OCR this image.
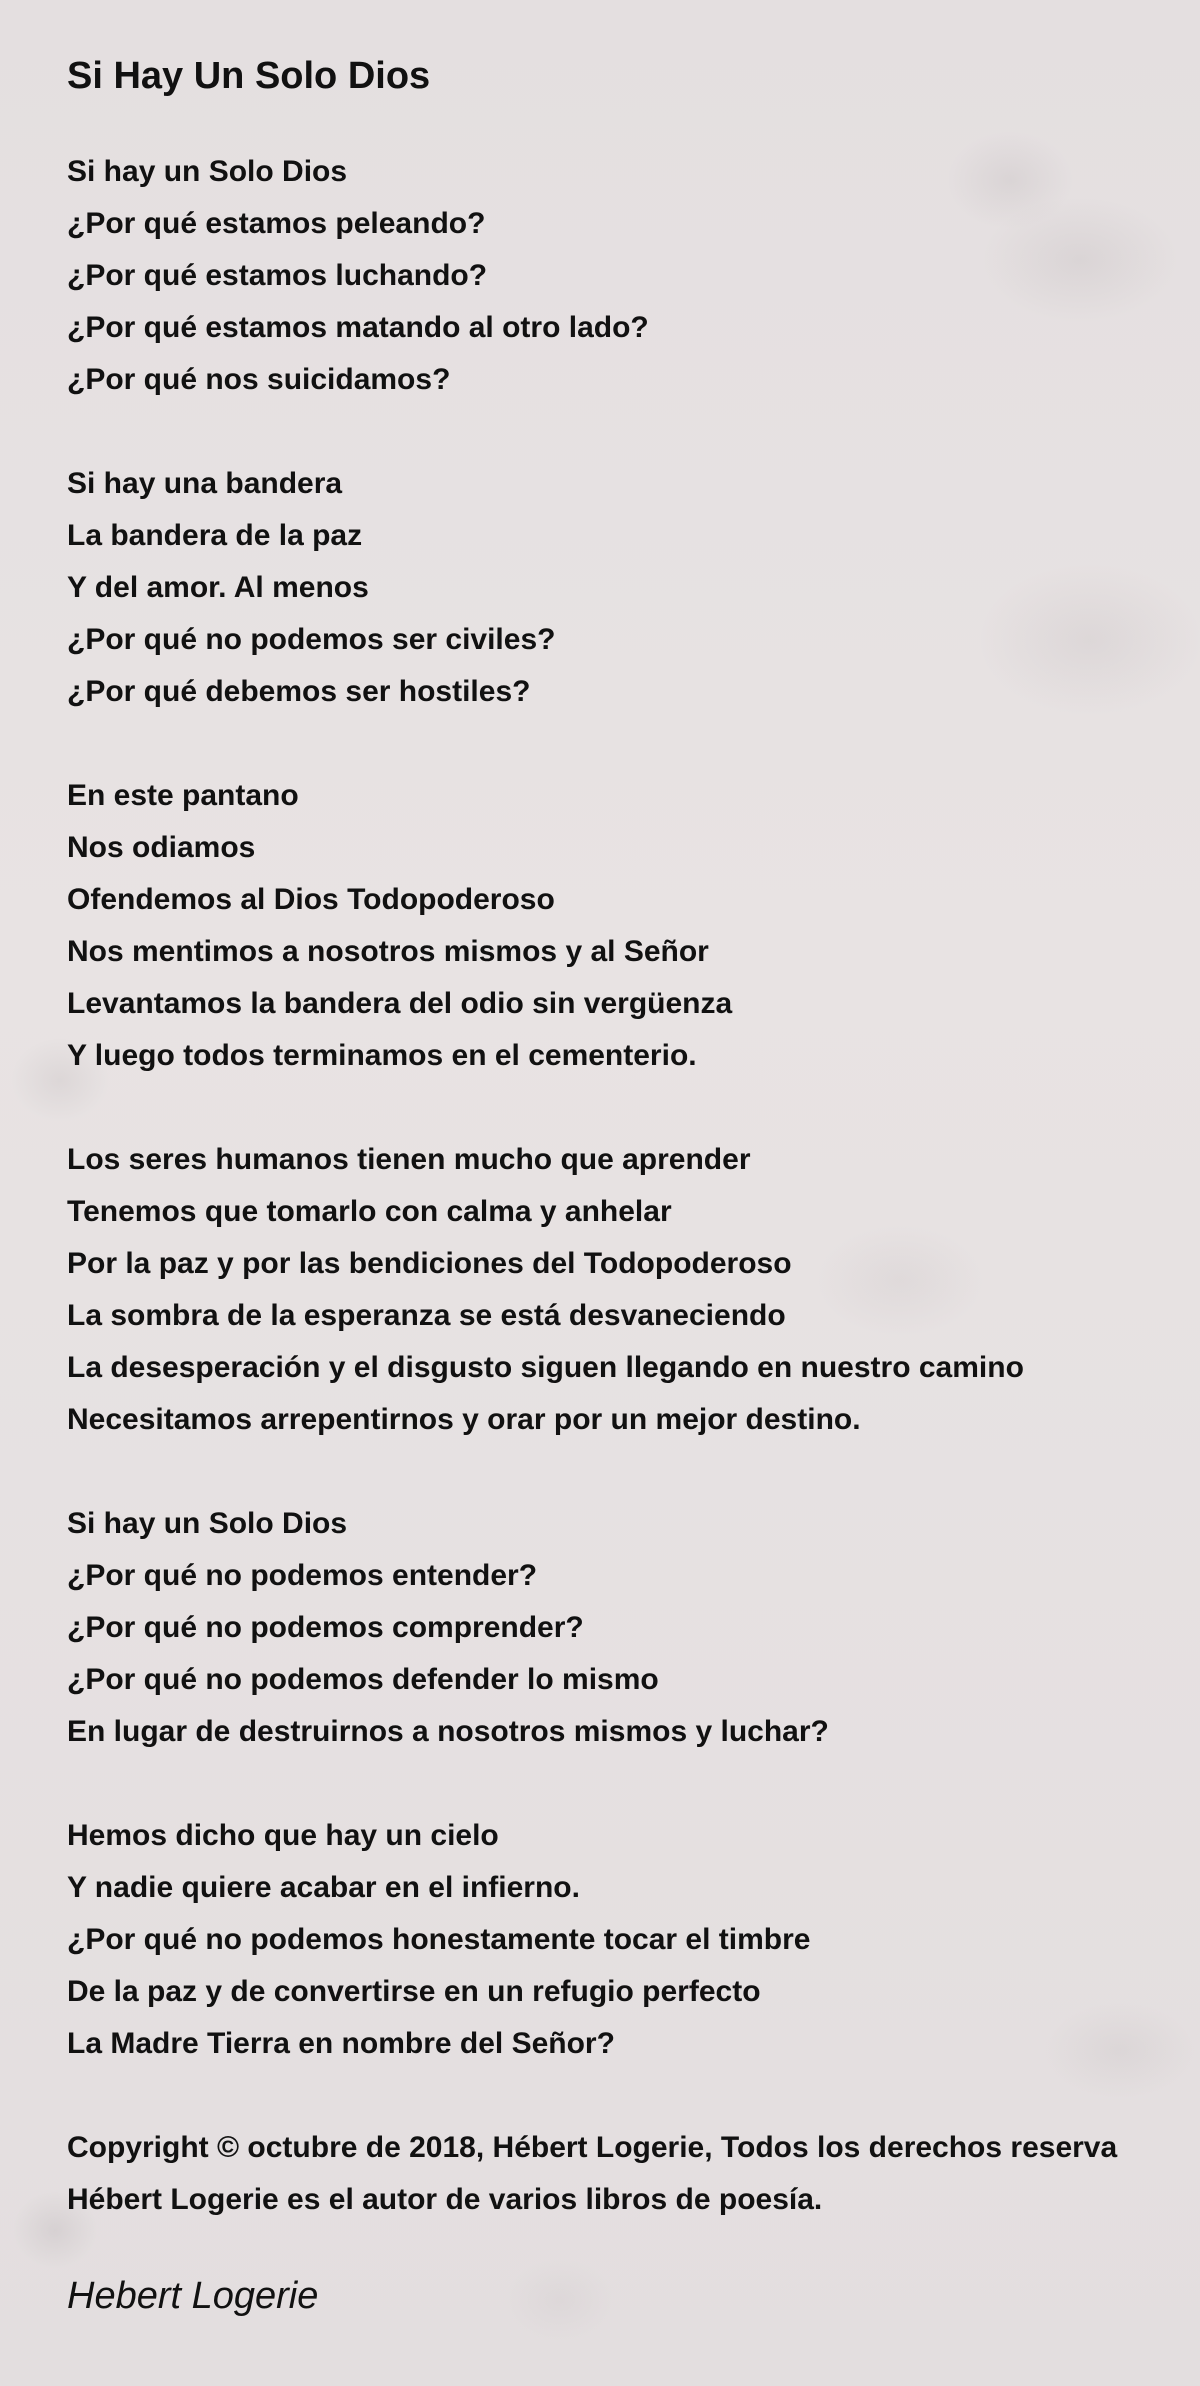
Si Hay Un Solo Dios
Si hay un Solo Dios
¿Por qué estamos peleando?
¿Por qué estamos luchando?
¿Por qué estamos matando al otro lado?
¿Por qué nos suicidamos?
Si hay una bandera
La bandera de la paz
Y del amor. Al menos
¿Por qué no podemos ser civiles?
¿Por qué debemos ser hostiles?
En este pantano
Nos odiamos
Ofendemos al Dios Todopoderoso
Nos mentimos a nosotros mismos y al Señor
Levantamos la bandera del odio sin vergüenza
Y luego todos terminamos en el cementerio.
Los seres humanos tienen mucho que aprender
Tenemos que tomarlo con calma y anhelar
Por la paz y por las bendiciones del Todopoderoso
La sombra de la esperanza se está desvaneciendo
La desesperación y el disgusto siguen llegando en nuestro camino
Necesitamos arrepentirnos y orar por un mejor destino.
Si hay un Solo Dios
¿Por qué no podemos entender?
¿Por qué no podemos comprender?
¿Por qué no podemos defender lo mismo
En lugar de destruirnos a nosotros mismos y luchar?
Hemos dicho que hay un cielo
Y nadie quiere acabar en el infierno.
¿Por qué no podemos honestamente tocar el timbre
De la paz y de convertirse en un refugio perfecto
La Madre Tierra en nombre del Señor?
Copyright © octubre de 2018, Hébert Logerie, Todos los derechos reserva
Hébert Logerie es el autor de varios libros de poesía.
Hebert Logerie
